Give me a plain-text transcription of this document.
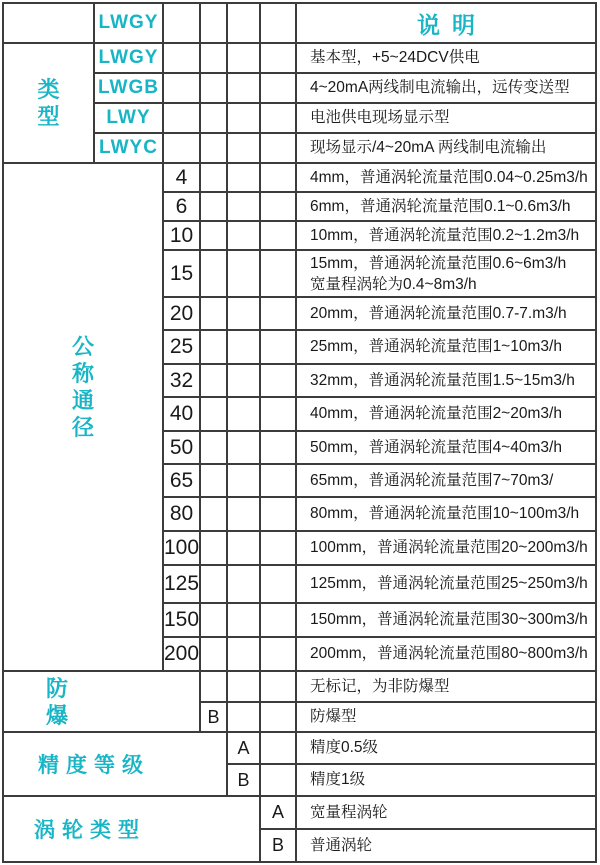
LWGY	说明
类型
LWGY	基本型，+5~24DCV供电
LWGB	4~20mA两线制电流输出，远传变送型
LWY	电池供电现场显示型
LWYC	现场显示/4~20mA 两线制电流输出
公称通径
4	4mm，普通涡轮流量范围0.04~0.25m3/h
6	6mm，普通涡轮流量范围0.1~0.6m3/h
10	10mm，普通涡轮流量范围0.2~1.2m3/h
15	15mm，普通涡轮流量范围0.6~6m3/h
宽量程涡轮为0.4~8m3/h
20	20mm，普通涡轮流量范围0.7-7.m3/h
25	25mm，普通涡轮流量范围1~10m3/h
32	32mm，普通涡轮流量范围1.5~15m3/h
40	40mm，普通涡轮流量范围2~20m3/h
50	50mm，普通涡轮流量范围4~40m3/h
65	65mm，普通涡轮流量范围7~70m3/
80	80mm，普通涡轮流量范围10~100m3/h
100	100mm，普通涡轮流量范围20~200m3/h
125	125mm，普通涡轮流量范围25~250m3/h
150	150mm，普通涡轮流量范围30~300m3/h
200	200mm，普通涡轮流量范围80~800m3/h
防爆
无标记，为非防爆型
B	防爆型
精度等级
A	精度0.5级
B	精度1级
涡轮类型
A	宽量程涡轮
B	普通涡轮
